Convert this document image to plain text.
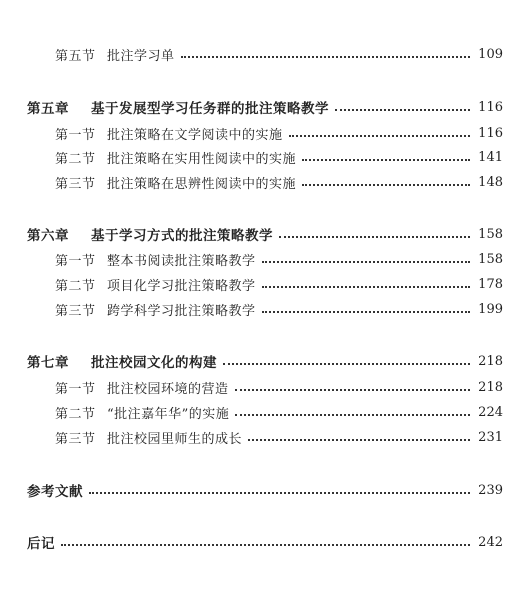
第五节 批注学习单	109
第五章	基于发展型学习任务群的批注策略教学	116
第一节 批注策略在文学阅读中的实施	116
第二节 批注策略在实用性阅读中的实施	141
第三节 批注策略在思辨性阅读中的实施	148
第六章	基于学习方式的批注策略教学	158
第一节 整本书阅读批注策略教学	158
第二节 项目化学习批注策略教学	178
第三节 跨学科学习批注策略教学	199
第七章	批注校园文化的构建	218
第一节 批注校园环境的营造	218
第二节 “批注嘉年华”的实施	224
第三节 批注校园里师生的成长	231
参考文献	239
后记	242
